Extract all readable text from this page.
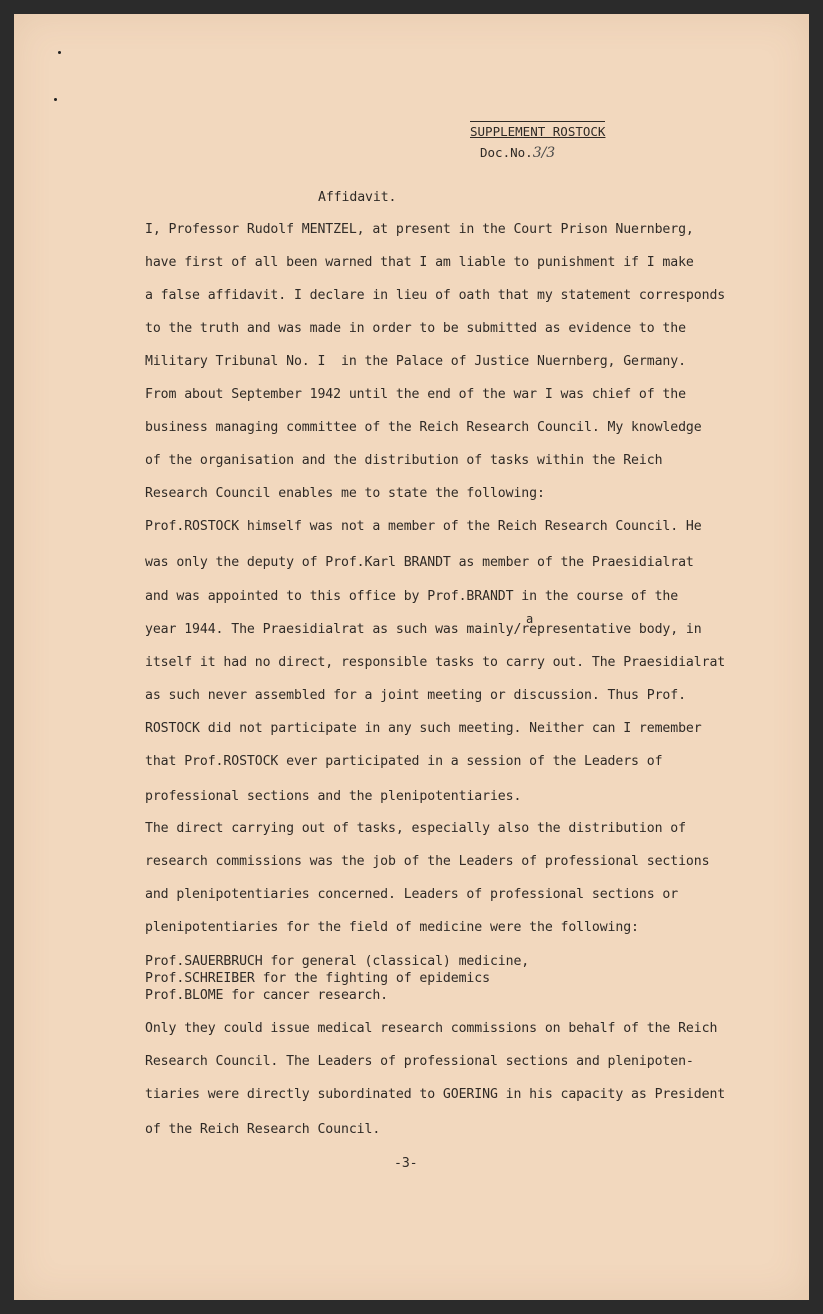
SUPPLEMENT ROSTOCK
Doc.No.3/3
Affidavit.
I, Professor Rudolf MENTZEL, at present in the Court Prison Nuernberg,
have first of all been warned that I am liable to punishment if I make
a false affidavit. I declare in lieu of oath that my statement corresponds
to the truth and was made in order to be submitted as evidence to the
Military Tribunal No. I  in the Palace of Justice Nuernberg, Germany.
From about September 1942 until the end of the war I was chief of the
business managing committee of the Reich Research Council. My knowledge
of the organisation and the distribution of tasks within the Reich
Research Council enables me to state the following:
Prof.ROSTOCK himself was not a member of the Reich Research Council. He
was only the deputy of Prof.Karl BRANDT as member of the Praesidialrat
and was appointed to this office by Prof.BRANDT in the course of the
a
year 1944. The Praesidialrat as such was mainly/representative body, in
itself it had no direct, responsible tasks to carry out. The Praesidialrat
as such never assembled for a joint meeting or discussion. Thus Prof.
ROSTOCK did not participate in any such meeting. Neither can I remember
that Prof.ROSTOCK ever participated in a session of the Leaders of
professional sections and the plenipotentiaries.
The direct carrying out of tasks, especially also the distribution of
research commissions was the job of the Leaders of professional sections
and plenipotentiaries concerned. Leaders of professional sections or
plenipotentiaries for the field of medicine were the following:
Prof.SAUERBRUCH for general (classical) medicine,
Prof.SCHREIBER for the fighting of epidemics
Prof.BLOME for cancer research.
Only they could issue medical research commissions on behalf of the Reich
Research Council. The Leaders of professional sections and plenipoten-
tiaries were directly subordinated to GOERING in his capacity as President
of the Reich Research Council.
-3-
